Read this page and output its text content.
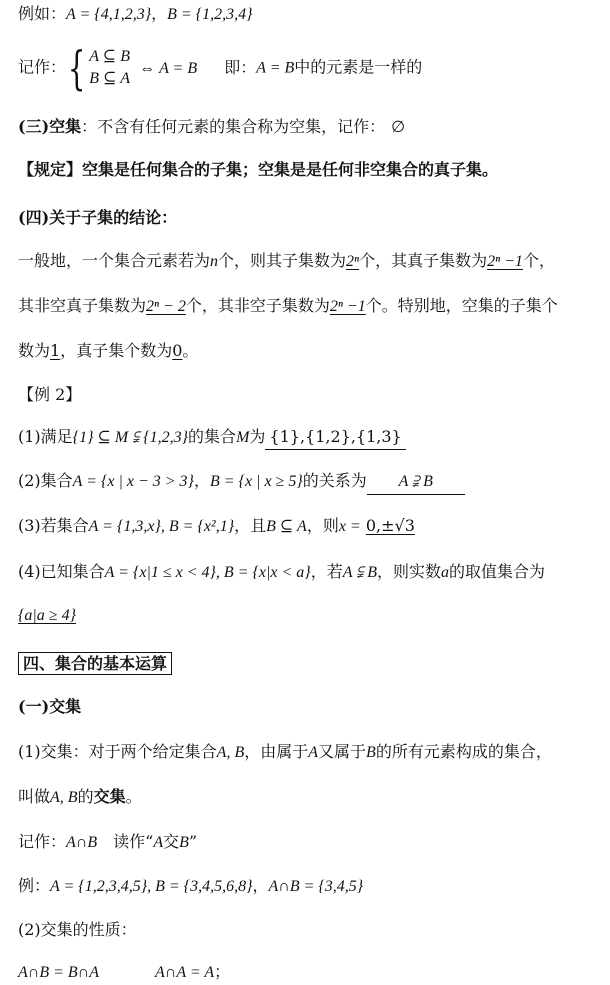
例如：A = {4,1,2,3}，B = {1,2,3,4}
记作：{ A ⊆ B
B ⊆ A
⇔ A = B 即：A = B中的元素是一样的
(三)空集：不含有任何元素的集合称为空集，记作： ∅
【规定】空集是任何集合的子集；空集是是任何非空集合的真子集。
(四)关于子集的结论：
一般地，一个集合元素若为n个，则其子集数为2ⁿ个，其真子集数为2ⁿ −1个，
其非空真子集数为2ⁿ − 2个，其非空子集数为2ⁿ −1个。特别地，空集的子集个
数为1，真子集个数为0。
【例 2】
(1)满足{1} ⊆ M ⫋ {1,2,3}的集合M为 {1},{1,2},{1,3}
(2)集合A = {x | x − 3 > 3}，B = {x | x ≥ 5}的关系为 A ⫌ B
(3)若集合A = {1,3,x}, B = {x²,1}，且B ⊆ A，则x = 0,±√3
(4)已知集合A = {x|1 ≤ x < 4}, B = {x|x < a}，若A ⫋ B，则实数a的取值集合为
{a|a ≥ 4}
四、集合的基本运算
(一)交集
(1)交集：对于两个给定集合A, B，由属于A又属于B的所有元素构成的集合，
叫做A, B的交集。
记作：A∩B 读作“A交B”
例：A = {1,2,3,4,5}, B = {3,4,5,6,8}，A∩B = {3,4,5}
(2)交集的性质：
A∩B = B∩A	A∩A = A；
